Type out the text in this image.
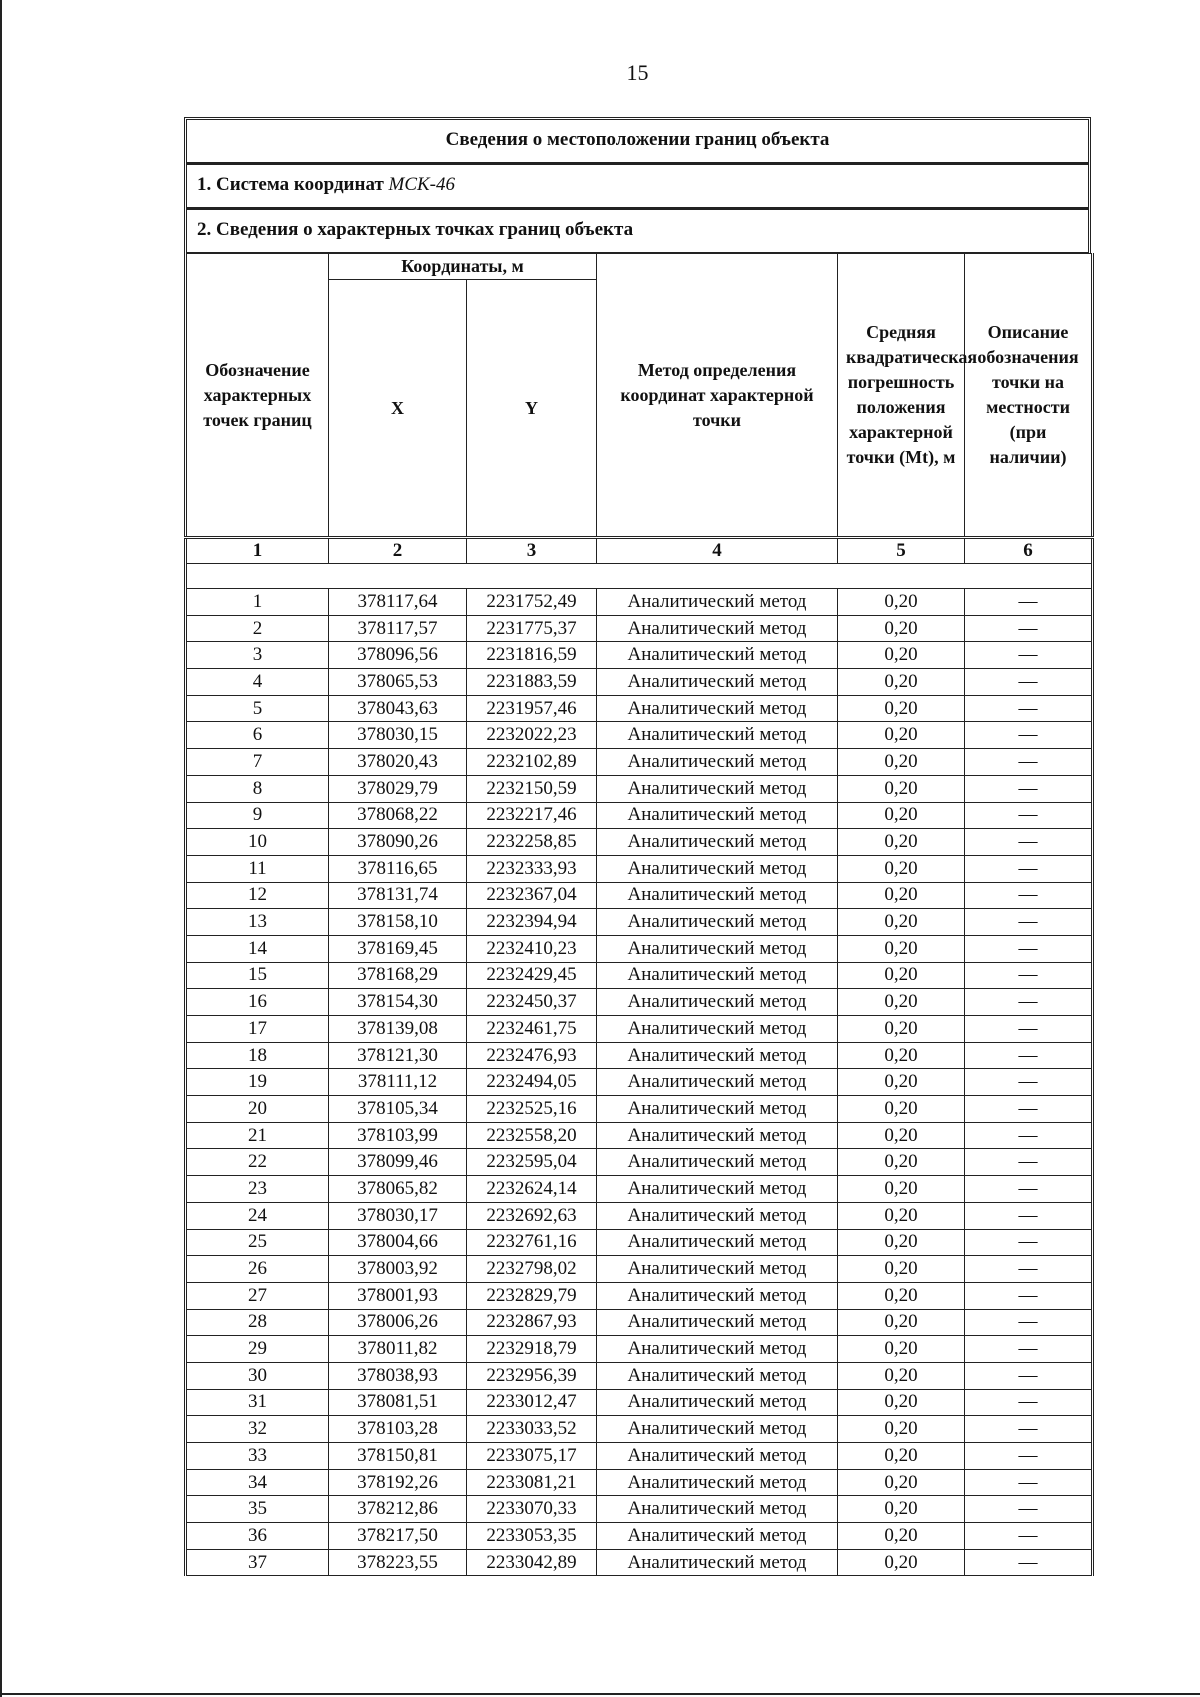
15
Сведения о местоположении границ объекта
1. Система координат МСК-46
2. Сведения о характерных точках границ объекта
Обозначение характерных точек границ	Координаты, м		Метод определения координат характерной точки	Средняя квадратическая погрешность положения характерной точки (Mt), м	Описание обозначения точки на местности (при наличии)
	X	Y			
1	2	3	4	5	6

1	378117,64	2231752,49	Аналитический метод	0,20	—
2	378117,57	2231775,37	Аналитический метод	0,20	—
3	378096,56	2231816,59	Аналитический метод	0,20	—
4	378065,53	2231883,59	Аналитический метод	0,20	—
5	378043,63	2231957,46	Аналитический метод	0,20	—
6	378030,15	2232022,23	Аналитический метод	0,20	—
7	378020,43	2232102,89	Аналитический метод	0,20	—
8	378029,79	2232150,59	Аналитический метод	0,20	—
9	378068,22	2232217,46	Аналитический метод	0,20	—
10	378090,26	2232258,85	Аналитический метод	0,20	—
11	378116,65	2232333,93	Аналитический метод	0,20	—
12	378131,74	2232367,04	Аналитический метод	0,20	—
13	378158,10	2232394,94	Аналитический метод	0,20	—
14	378169,45	2232410,23	Аналитический метод	0,20	—
15	378168,29	2232429,45	Аналитический метод	0,20	—
16	378154,30	2232450,37	Аналитический метод	0,20	—
17	378139,08	2232461,75	Аналитический метод	0,20	—
18	378121,30	2232476,93	Аналитический метод	0,20	—
19	378111,12	2232494,05	Аналитический метод	0,20	—
20	378105,34	2232525,16	Аналитический метод	0,20	—
21	378103,99	2232558,20	Аналитический метод	0,20	—
22	378099,46	2232595,04	Аналитический метод	0,20	—
23	378065,82	2232624,14	Аналитический метод	0,20	—
24	378030,17	2232692,63	Аналитический метод	0,20	—
25	378004,66	2232761,16	Аналитический метод	0,20	—
26	378003,92	2232798,02	Аналитический метод	0,20	—
27	378001,93	2232829,79	Аналитический метод	0,20	—
28	378006,26	2232867,93	Аналитический метод	0,20	—
29	378011,82	2232918,79	Аналитический метод	0,20	—
30	378038,93	2232956,39	Аналитический метод	0,20	—
31	378081,51	2233012,47	Аналитический метод	0,20	—
32	378103,28	2233033,52	Аналитический метод	0,20	—
33	378150,81	2233075,17	Аналитический метод	0,20	—
34	378192,26	2233081,21	Аналитический метод	0,20	—
35	378212,86	2233070,33	Аналитический метод	0,20	—
36	378217,50	2233053,35	Аналитический метод	0,20	—
37	378223,55	2233042,89	Аналитический метод	0,20	—
